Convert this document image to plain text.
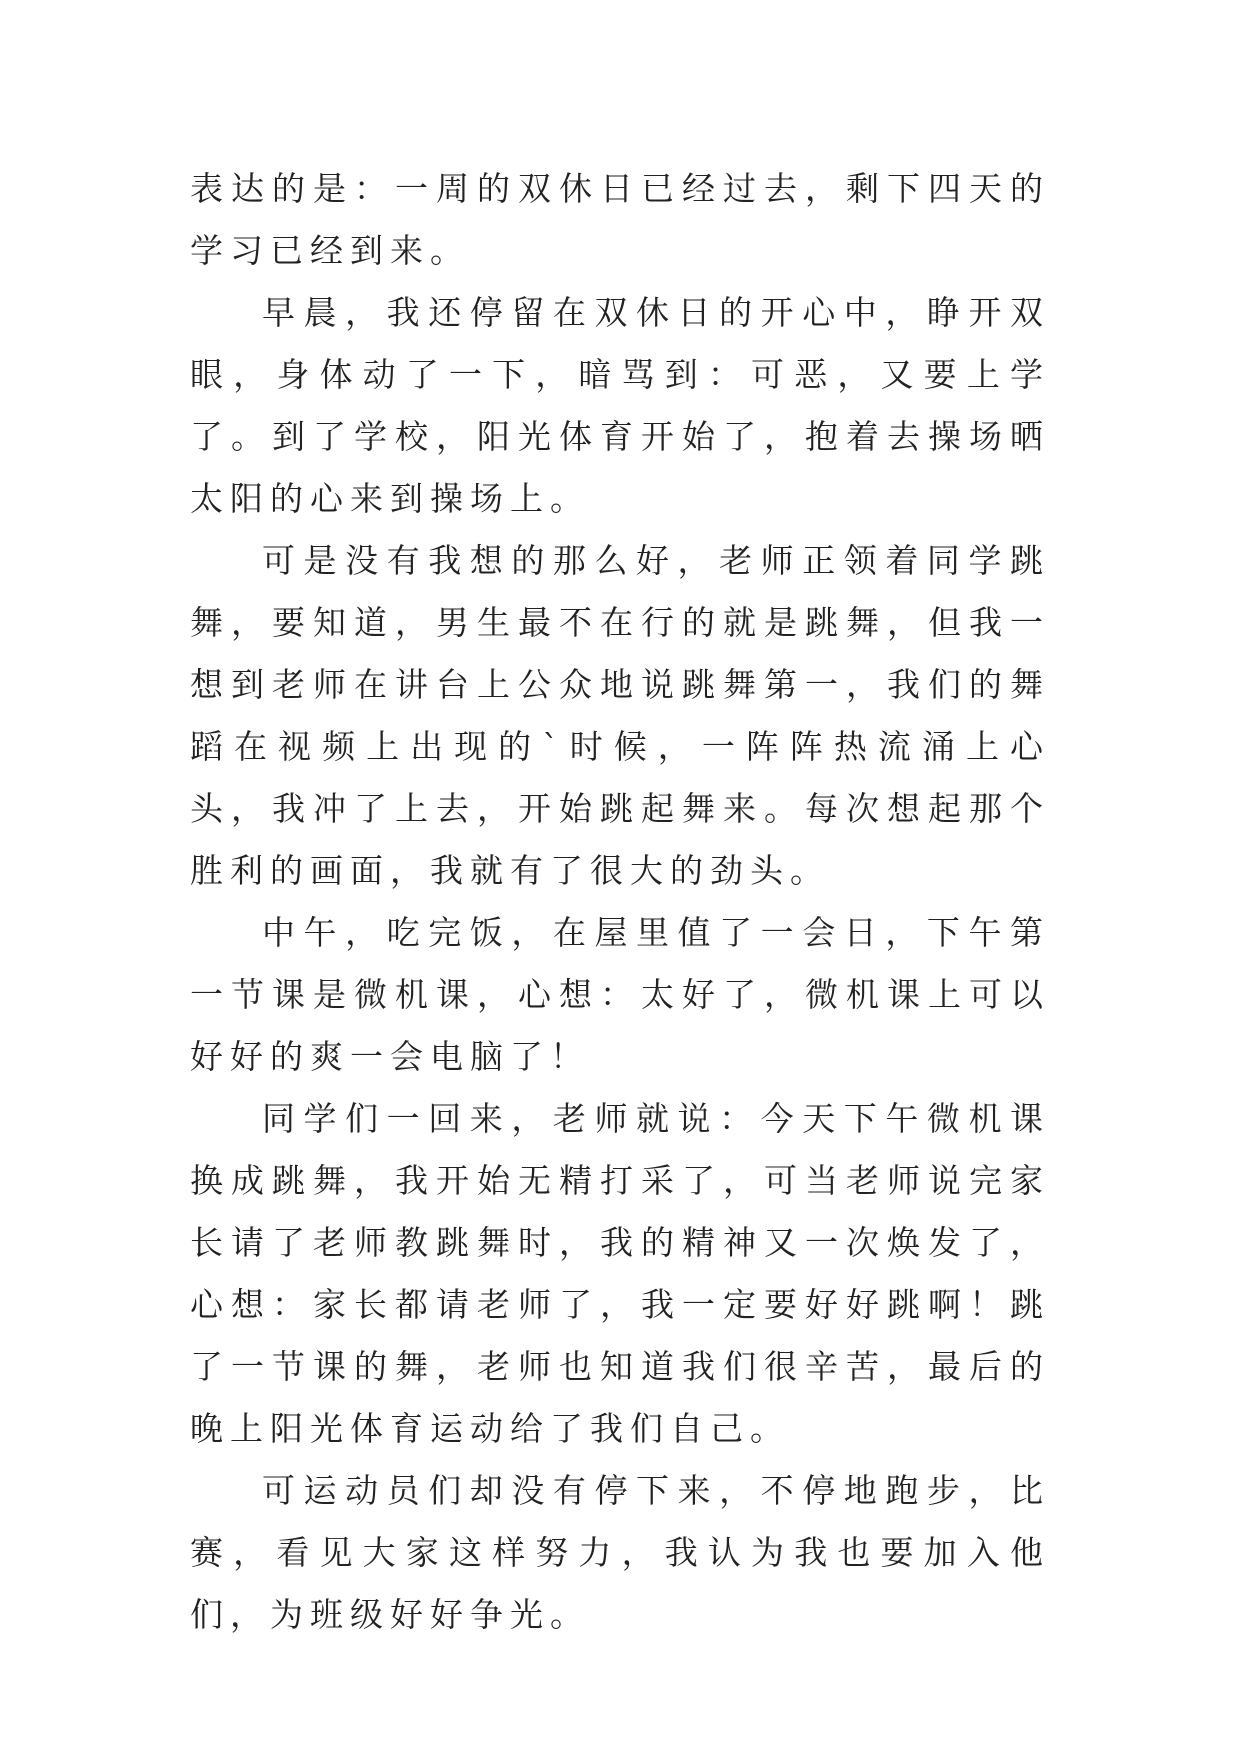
表达的是：一周的双休日已经过去，剩下四天的学习已经到来。

早晨，我还停留在双休日的开心中，睁开双眼，身体动了一下，暗骂到：可恶，又要上学了。到了学校，阳光体育开始了，抱着去操场晒太阳的心来到操场上。

可是没有我想的那么好，老师正领着同学跳舞，要知道，男生最不在行的就是跳舞，但我一想到老师在讲台上公众地说跳舞第一，我们的舞蹈在视频上出现的`时候，一阵阵热流涌上心头，我冲了上去，开始跳起舞来。每次想起那个胜利的画面，我就有了很大的劲头。

中午，吃完饭，在屋里值了一会日，下午第一节课是微机课，心想：太好了，微机课上可以好好的爽一会电脑了！

同学们一回来，老师就说：今天下午微机课换成跳舞，我开始无精打采了，可当老师说完家长请了老师教跳舞时，我的精神又一次焕发了，心想：家长都请老师了，我一定要好好跳啊！跳了一节课的舞，老师也知道我们很辛苦，最后的晚上阳光体育运动给了我们自己。

可运动员们却没有停下来，不停地跑步，比赛，看见大家这样努力，我认为我也要加入他们，为班级好好争光。
